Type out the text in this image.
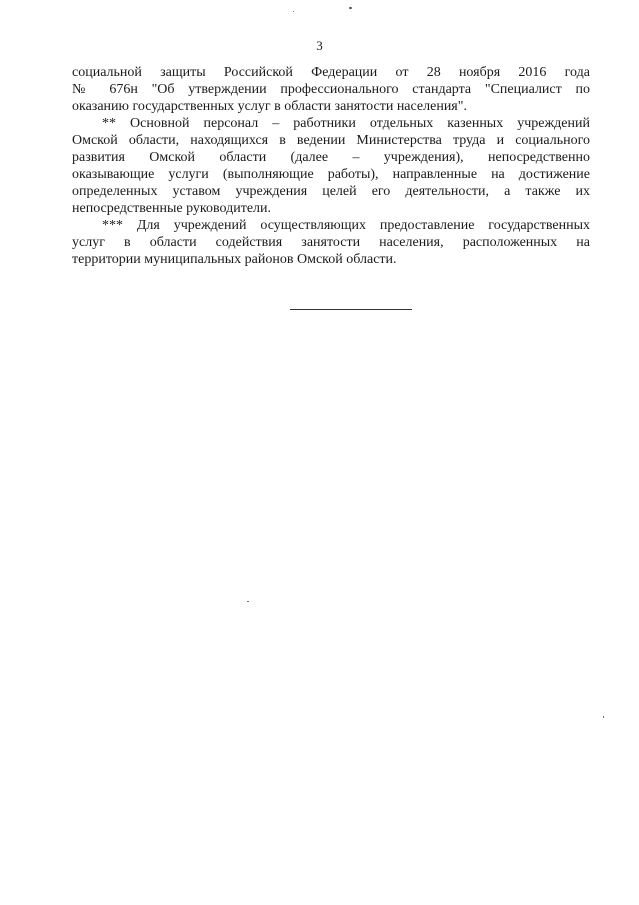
3
социальной защиты Российской Федерации от 28 ноября 2016 года
№ 676н "Об утверждении профессионального стандарта "Специалист по
оказанию государственных услуг в области занятости населения".
** Основной персонал – работники отдельных казенных учреждений
Омской области, находящихся в ведении Министерства труда и социального
развития Омской области (далее – учреждения), непосредственно
оказывающие услуги (выполняющие работы), направленные на достижение
определенных уставом учреждения целей его деятельности, а также их
непосредственные руководители.
*** Для учреждений осуществляющих предоставление государственных
услуг в области содействия занятости населения, расположенных на
территории муниципальных районов Омской области.
